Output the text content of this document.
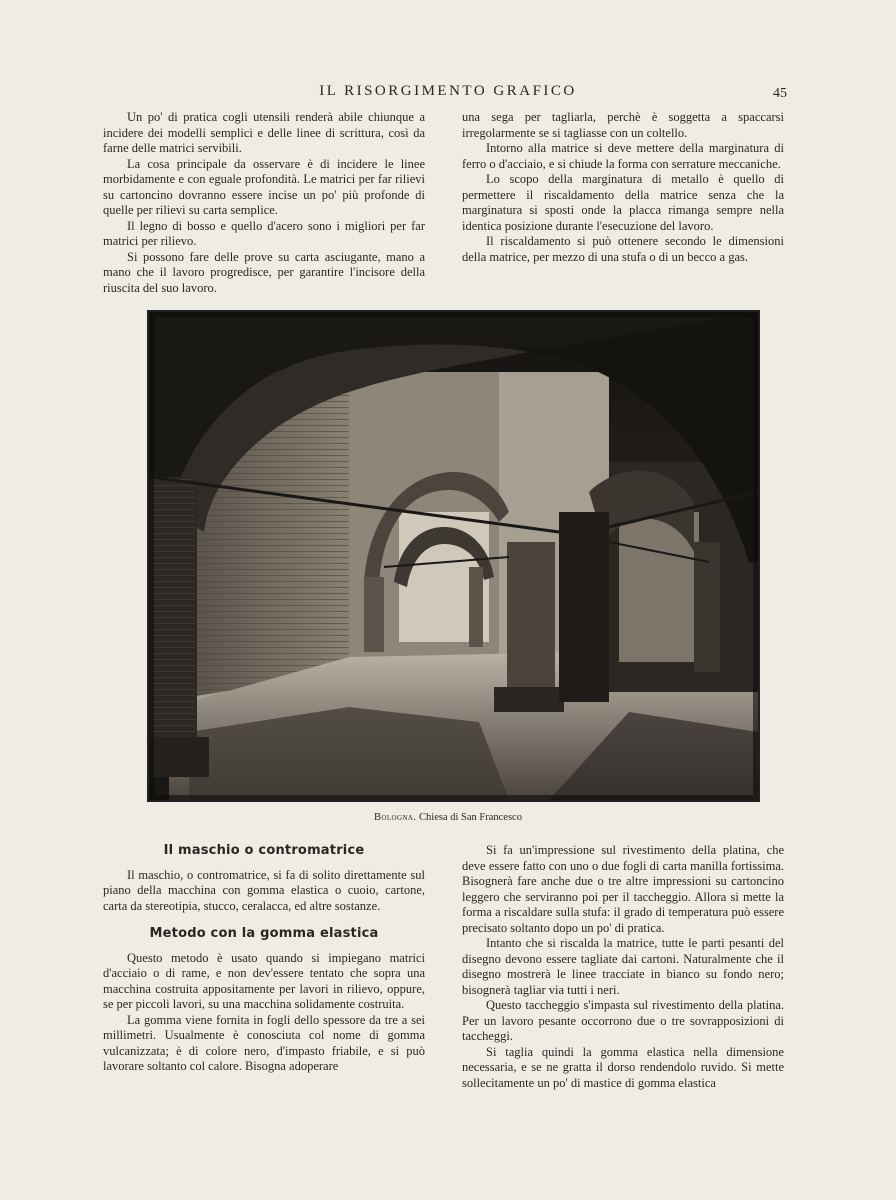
IL RISORGIMENTO GRAFICO	45

Un po' di pratica cogli utensili renderà abile chiunque a incidere dei modelli semplici e delle linee di scrittura, così da farne delle matrici servibili.

La cosa principale da osservare è di incidere le linee morbidamente e con eguale profondità. Le matrici per far rilievi su cartoncino dovranno essere incise un po' più profonde di quelle per rilievi su carta semplice.

Il legno di bosso e quello d'acero sono i migliori per far matrici per rilievo.

Si possono fare delle prove su carta asciugante, mano a mano che il lavoro progredisce, per garantire l'incisore della riuscita del suo lavoro.

una sega per tagliarla, perchè è soggetta a spaccarsi irregolarmente se si tagliasse con un coltello.

Intorno alla matrice si deve mettere della marginatura di ferro o d'acciaio, e si chiude la forma con serrature meccaniche.

Lo scopo della marginatura di metallo è quello di permettere il riscaldamento della matrice senza che la marginatura si sposti onde la placca rimanga sempre nella identica posizione durante l'esecuzione del lavoro.

Il riscaldamento si può ottenere secondo le dimensioni della matrice, per mezzo di una stufa o di un becco a gas.

Bologna. Chiesa di San Francesco
Il maschio o contromatrice

Il maschio, o contromatrice, si fa di solito direttamente sul piano della macchina con gomma elastica o cuoio, cartone, carta da stereotipia, stucco, ceralacca, ed altre sostanze.

Metodo con la gomma elastica

Questo metodo è usato quando si impiegano matrici d'acciaio o di rame, e non dev'essere tentato che sopra una macchina costruita appositamente per lavori in rilievo, oppure, se per piccoli lavori, su una macchina solidamente costruita.

La gomma viene fornita in fogli dello spessore da tre a sei millimetri. Usualmente è conosciuta col nome di gomma vulcanizzata; è di colore nero, d'impasto friabile, e si può lavorare soltanto col calore. Bisogna adoperare

Si fa un'impressione sul rivestimento della platina, che deve essere fatto con uno o due fogli di carta manilla fortissima. Bisognerà fare anche due o tre altre impressioni su cartoncino leggero che serviranno poi per il taccheggio. Allora si mette la forma a riscaldare sulla stufa: il grado di temperatura può essere precisato soltanto dopo un po' di pratica.

Intanto che si riscalda la matrice, tutte le parti pesanti del disegno devono essere tagliate dai cartoni. Naturalmente che il disegno mostrerà le linee tracciate in bianco su fondo nero; bisognerà tagliar via tutti i neri.

Questo taccheggio s'impasta sul rivestimento della platina. Per un lavoro pesante occorrono due o tre sovrapposizioni di taccheggi.

Si taglia quindi la gomma elastica nella dimensione necessaria, e se ne gratta il dorso rendendolo ruvido. Si mette sollecitamente un po' di mastice di gomma elastica
